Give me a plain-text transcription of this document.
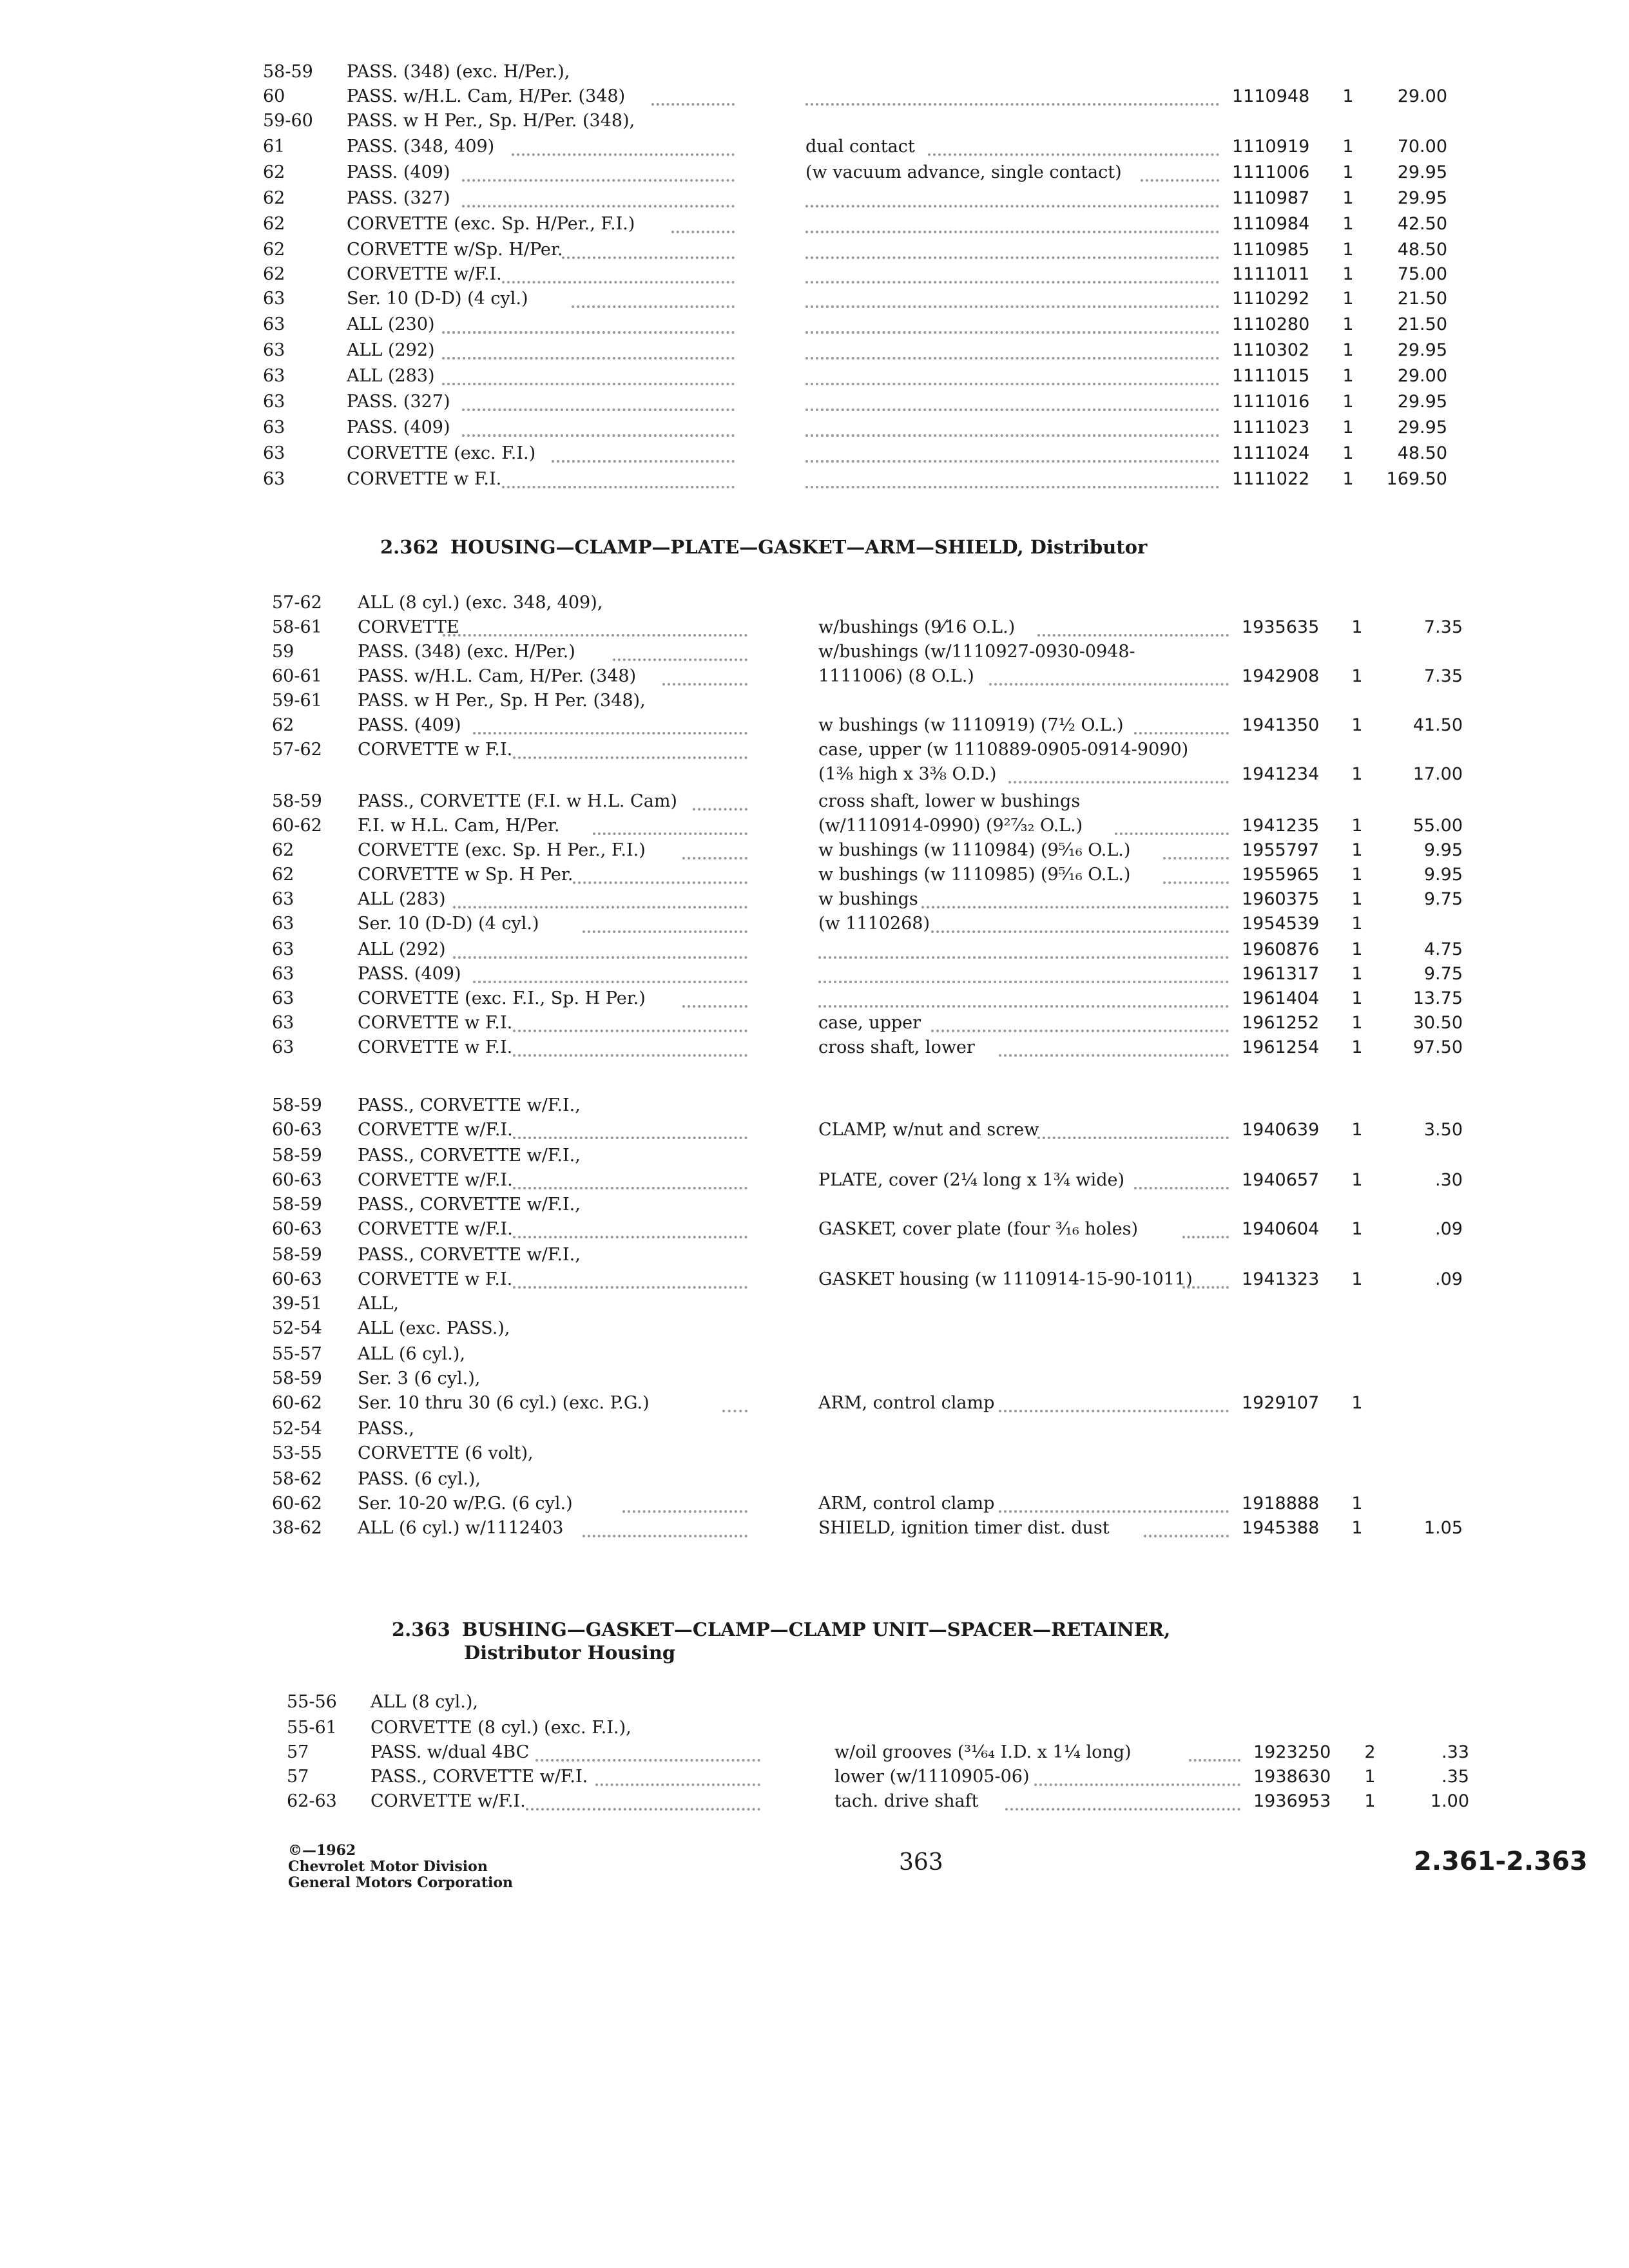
58-59 PASS. (348) (exc. H/Per.),
60	PASS. w/H.L. Cam, H/Per. (348)	1110948	1	29.00
59-60 PASS. w H Per., Sp. H/Per. (348),
61	PASS. (348, 409)	dual contact	1110919	1	70.00
62	PASS. (409)	(w vacuum advance, single contact)	1111006	1	29.95
62	PASS. (327)	1110987	1	29.95
62	CORVETTE (exc. Sp. H/Per., F.I.)	1110984	1	42.50
62	CORVETTE w/Sp. H/Per.	1110985	1	48.50
62	CORVETTE w/F.I.	1111011	1	75.00
63	Ser. 10 (D-D) (4 cyl.)	1110292	1	21.50
63	ALL (230)	1110280	1	21.50
63	ALL (292)	1110302	1	29.95
63	ALL (283)	1111015	1	29.00
63	PASS. (327)	1111016	1	29.95
63	PASS. (409)	1111023	1	29.95
63	CORVETTE (exc. F.I.)	1111024	1	48.50
63	CORVETTE w F.I.	1111022	1	169.50
2.362 HOUSING—CLAMP—PLATE—GASKET—ARM—SHIELD, Distributor
57-62 ALL (8 cyl.) (exc. 348, 409),
58-61 CORVETTE	w/bushings (9⁄16 O.L.)	1935635	1	7.35
59	PASS. (348) (exc. H/Per.)	w/bushings (w/1110927-0930-0948-
60-61 PASS. w/H.L. Cam, H/Per. (348)	1111006) (8 O.L.)	1942908	1	7.35
59-61 PASS. w H Per., Sp. H Per. (348),
62	PASS. (409)	w bushings (w 1110919) (7½ O.L.)	1941350	1	41.50
57-62 CORVETTE w F.I.	case, upper (w 1110889-0905-0914-9090)
(1⅜ high x 3⅜ O.D.)	1941234	1	17.00
58-59 PASS., CORVETTE (F.I. w H.L. Cam)	cross shaft, lower w bushings
60-62 F.I. w H.L. Cam, H/Per.	(w/1110914-0990) (9²⁷⁄₃₂ O.L.)	1941235	1	55.00
62	CORVETTE (exc. Sp. H Per., F.I.)	w bushings (w 1110984) (9⁵⁄₁₆ O.L.)	1955797	1	9.95
62	CORVETTE w Sp. H Per.	w bushings (w 1110985) (9⁵⁄₁₆ O.L.)	1955965	1	9.95
63	ALL (283)	w bushings	1960375	1	9.75
63	Ser. 10 (D-D) (4 cyl.)	(w 1110268)	1954539	1
63	ALL (292)	1960876	1	4.75
63	PASS. (409)	1961317	1	9.75
63	CORVETTE (exc. F.I., Sp. H Per.)	1961404	1	13.75
63	CORVETTE w F.I.	case, upper	1961252	1	30.50
63	CORVETTE w F.I.	cross shaft, lower	1961254	1	97.50
58-59 PASS., CORVETTE w/F.I.,
60-63 CORVETTE w/F.I.	CLAMP, w/nut and screw	1940639	1	3.50
58-59 PASS., CORVETTE w/F.I.,
60-63 CORVETTE w/F.I.	PLATE, cover (2¼ long x 1¾ wide)	1940657	1	.30
58-59 PASS., CORVETTE w/F.I.,
60-63 CORVETTE w/F.I.	GASKET, cover plate (four ³⁄₁₆ holes)	1940604	1	.09
58-59 PASS., CORVETTE w/F.I.,
60-63 CORVETTE w F.I.	GASKET housing (w 1110914-15-90-1011)	1941323	1	.09
39-51 ALL,
52-54 ALL (exc. PASS.),
55-57 ALL (6 cyl.),
58-59 Ser. 3 (6 cyl.),
60-62 Ser. 10 thru 30 (6 cyl.) (exc. P.G.)	ARM, control clamp	1929107	1
52-54 PASS.,
53-55 CORVETTE (6 volt),
58-62 PASS. (6 cyl.),
60-62 Ser. 10-20 w/P.G. (6 cyl.)	ARM, control clamp	1918888	1
38-62 ALL (6 cyl.) w/1112403	SHIELD, ignition timer dist. dust	1945388	1	1.05
2.363 BUSHING—GASKET—CLAMP—CLAMP UNIT—SPACER—RETAINER,
Distributor Housing
55-56 ALL (8 cyl.),
55-61 CORVETTE (8 cyl.) (exc. F.I.),
57	PASS. w/dual 4BC	w/oil grooves (³¹⁄₆₄ I.D. x 1¼ long)	1923250	2	.33
57	PASS., CORVETTE w/F.I.	lower (w/1110905-06)	1938630	1	.35
62-63 CORVETTE w/F.I.	tach. drive shaft	1936953	1	1.00
©—1962
Chevrolet Motor Division
General Motors Corporation
363	2.361-2.363
